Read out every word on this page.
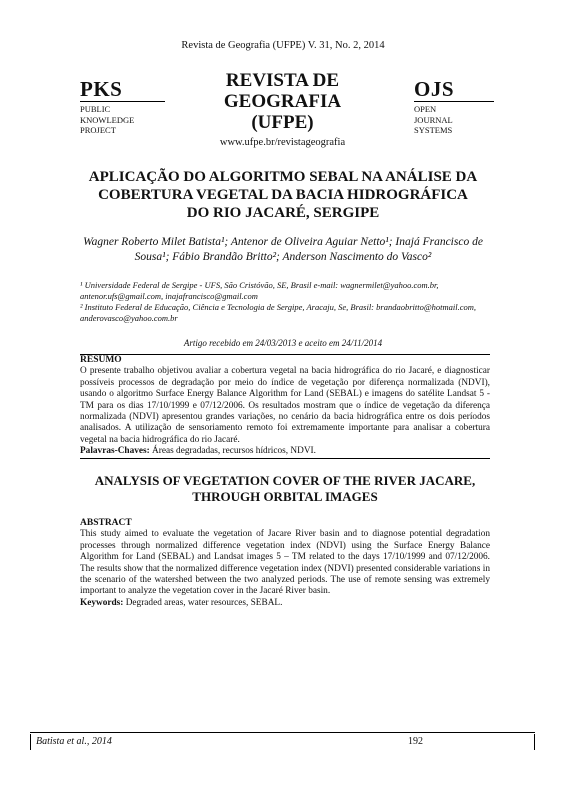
Revista de Geografia (UFPE) V. 31, No. 2, 2014
PKS
PUBLIC
KNOWLEDGE
PROJECT
REVISTA DE
GEOGRAFIA
(UFPE)
www.ufpe.br/revistageografia
OJS
OPEN
JOURNAL
SYSTEMS
APLICAÇÃO DO ALGORITMO SEBAL NA ANÁLISE DA
COBERTURA VEGETAL DA BACIA HIDROGRÁFICA
DO RIO JACARÉ, SERGIPE
Wagner Roberto Milet Batista¹; Antenor de Oliveira Aguiar Netto¹; Inajá Francisco de
Sousa¹; Fábio Brandão Britto²; Anderson Nascimento do Vasco²

¹ Universidade Federal de Sergipe - UFS, São Cristóvão, SE, Brasil e-mail: wagnermilet@yahoo.com.br, antenor.ufs@gmail.com, inajafrancisco@gmail.com

² Instituto Federal de Educação, Ciência e Tecnologia de Sergipe, Aracaju, Se, Brasil: brandaobritto@hotmail.com, anderovasco@yahoo.com.br

Artigo recebido em 24/03/2013 e aceito em 24/11/2014
RESUMO

O presente trabalho objetivou avaliar a cobertura vegetal na bacia hidrográfica do rio Jacaré, e diagnosticar possíveis processos de degradação por meio do índice de vegetação por diferença normalizada (NDVI), usando o algoritmo Surface Energy Balance Algorithm for Land (SEBAL) e imagens do satélite Landsat 5 - TM para os dias 17/10/1999 e 07/12/2006. Os resultados mostram que o índice de vegetação da diferença normalizada (NDVI) apresentou grandes variações, no cenário da bacia hidrográfica entre os dois períodos analisados. A utilização de sensoriamento remoto foi extremamente importante para analisar a cobertura vegetal na bacia hidrográfica do rio Jacaré.

Palavras-Chaves: Áreas degradadas, recursos hídricos, NDVI.

ANALYSIS OF VEGETATION COVER OF THE RIVER JACARE,
THROUGH ORBITAL IMAGES
ABSTRACT

This study aimed to evaluate the vegetation of Jacare River basin and to diagnose potential degradation processes through normalized difference vegetation index (NDVI) using the Surface Energy Balance Algorithm for Land (SEBAL) and Landsat images 5 – TM related to the days 17/10/1999 and 07/12/2006. The results show that the normalized difference vegetation index (NDVI) presented considerable variations in the scenario of the watershed between the two analyzed periods. The use of remote sensing was extremely important to analyze the vegetation cover in the Jacaré River basin.

Keywords: Degraded areas, water resources, SEBAL.

Batista et al., 2014	192
